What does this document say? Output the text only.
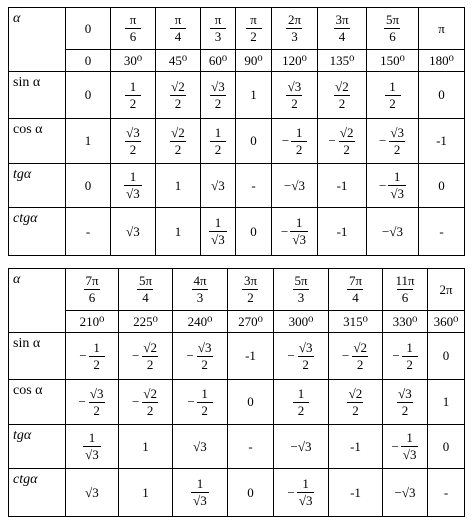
α	0	$\frac{\pi}{6}$	$\frac{\pi}{4}$	$\frac{\pi}{3}$	$\frac{\pi}{2}$	$\frac{2\pi}{3}$	$\frac{3\pi}{4}$	$\frac{5\pi}{6}$	π

	0	30⁰	45⁰	60⁰	90⁰	120⁰	135⁰	150⁰	180⁰
sin α	0	$\frac{1}{2}$	$\frac{√2}{2}$	$\frac{√3}{2}$	1	$\frac{√3}{2}$	$\frac{√2}{2}$	$\frac{1}{2}$	0

cos α	1	$\frac{√3}{2}$	$\frac{√2}{2}$	$\frac{1}{2}$	0	− $\frac{1}{2}$	− $\frac{√2}{2}$	− $\frac{√3}{2}$	-1

tgα	0	$\frac{1}{√3}$	1	√3	-	−√3	-1	− $\frac{1}{√3}$	0

ctgα	-	√3	1	$\frac{1}{√3}$	0	− $\frac{1}{√3}$	-1	−√3	-
α	$\frac{7\pi}{6}$	$\frac{5\pi}{4}$	$\frac{4\pi}{3}$	$\frac{3\pi}{2}$	$\frac{5\pi}{3}$	$\frac{7\pi}{4}$	$\frac{11\pi}{6}$	2π

	210⁰	225⁰	240⁰	270⁰	300⁰	315⁰	330⁰	360⁰
sin α	− $\frac{1}{2}$	− $\frac{√2}{2}$	− $\frac{√3}{2}$	-1	− $\frac{√3}{2}$	− $\frac{√2}{2}$	− $\frac{1}{2}$	0

cos α	− $\frac{√3}{2}$	− $\frac{√2}{2}$	− $\frac{1}{2}$	0	$\frac{1}{2}$	$\frac{√2}{2}$	$\frac{√3}{2}$	1

tgα	$\frac{1}{√3}$	1	√3	-	−√3	-1	− $\frac{1}{√3}$	0

ctgα	√3	1	$\frac{1}{√3}$	0	− $\frac{1}{√3}$	-1	−√3	-
